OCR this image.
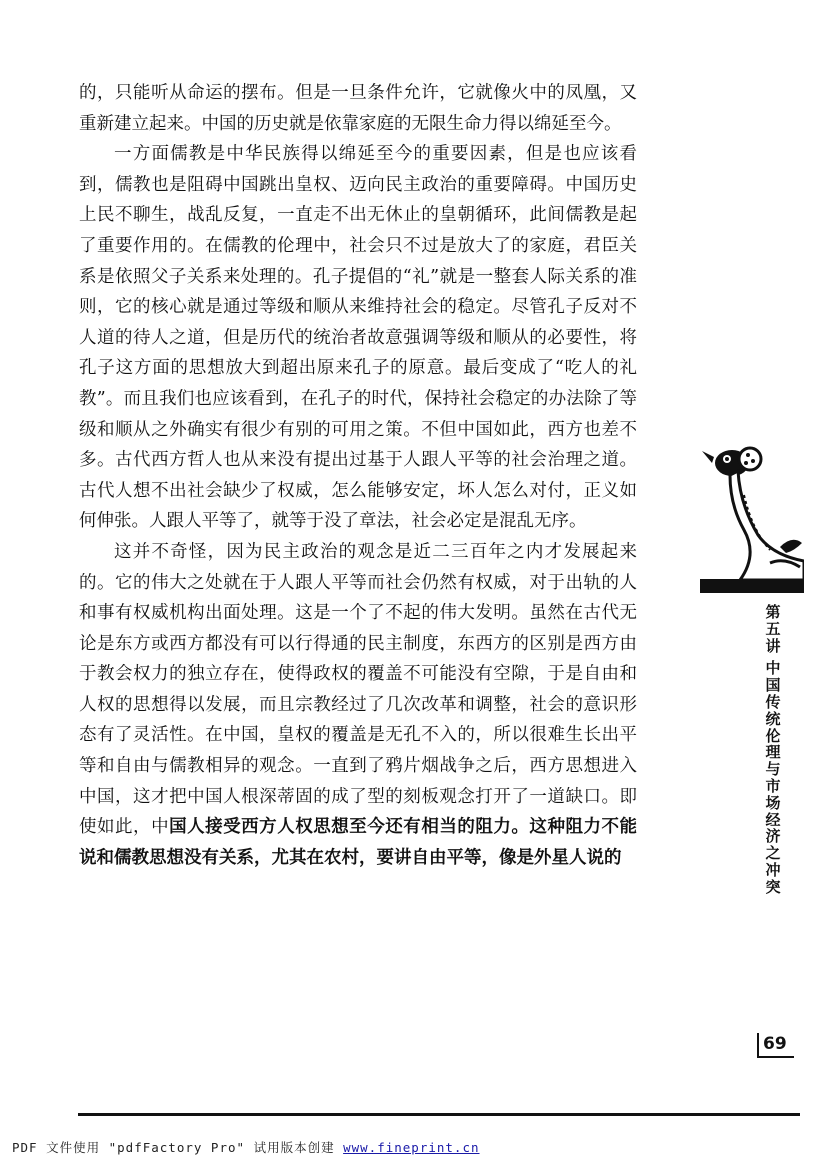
的，只能听从命运的摆布。但是一旦条件允许，它就像火中的凤凰，又重新建立起来。中国的历史就是依靠家庭的无限生命力得以绵延至今。

一方面儒教是中华民族得以绵延至今的重要因素，但是也应该看到，儒教也是阻碍中国跳出皇权、迈向民主政治的重要障碍。中国历史上民不聊生，战乱反复，一直走不出无休止的皇朝循环，此间儒教是起了重要作用的。在儒教的伦理中，社会只不过是放大了的家庭，君臣关系是依照父子关系来处理的。孔子提倡的“礼”就是一整套人际关系的准则，它的核心就是通过等级和顺从来维持社会的稳定。尽管孔子反对不人道的待人之道，但是历代的统治者故意强调等级和顺从的必要性，将孔子这方面的思想放大到超出原来孔子的原意。最后变成了“吃人的礼教”。而且我们也应该看到，在孔子的时代，保持社会稳定的办法除了等级和顺从之外确实有很少有别的可用之策。不但中国如此，西方也差不多。古代西方哲人也从来没有提出过基于人跟人平等的社会治理之道。古代人想不出社会缺少了权威，怎么能够安定，坏人怎么对付，正义如何伸张。人跟人平等了，就等于没了章法，社会必定是混乱无序。

这并不奇怪，因为民主政治的观念是近二三百年之内才发展起来的。它的伟大之处就在于人跟人平等而社会仍然有权威，对于出轨的人和事有权威机构出面处理。这是一个了不起的伟大发明。虽然在古代无论是东方或西方都没有可以行得通的民主制度，东西方的区别是西方由于教会权力的独立存在，使得政权的覆盖不可能没有空隙，于是自由和人权的思想得以发展，而且宗教经过了几次改革和调整，社会的意识形态有了灵活性。在中国，皇权的覆盖是无孔不入的，所以很难生长出平等和自由与儒教相异的观念。一直到了鸦片烟战争之后，西方思想进入中国，这才把中国人根深蒂固的成了型的刻板观念打开了一道缺口。即使如此，中国人接受西方人权思想至今还有相当的阻力。这种阻力不能说和儒教思想没有关系，尤其在农村，要讲自由平等，像是外星人说的

第五讲
中国传统伦理与市场经济之冲突
69
PDF 文件使用 "pdfFactory Pro" 试用版本创建 www.fineprint.cn
